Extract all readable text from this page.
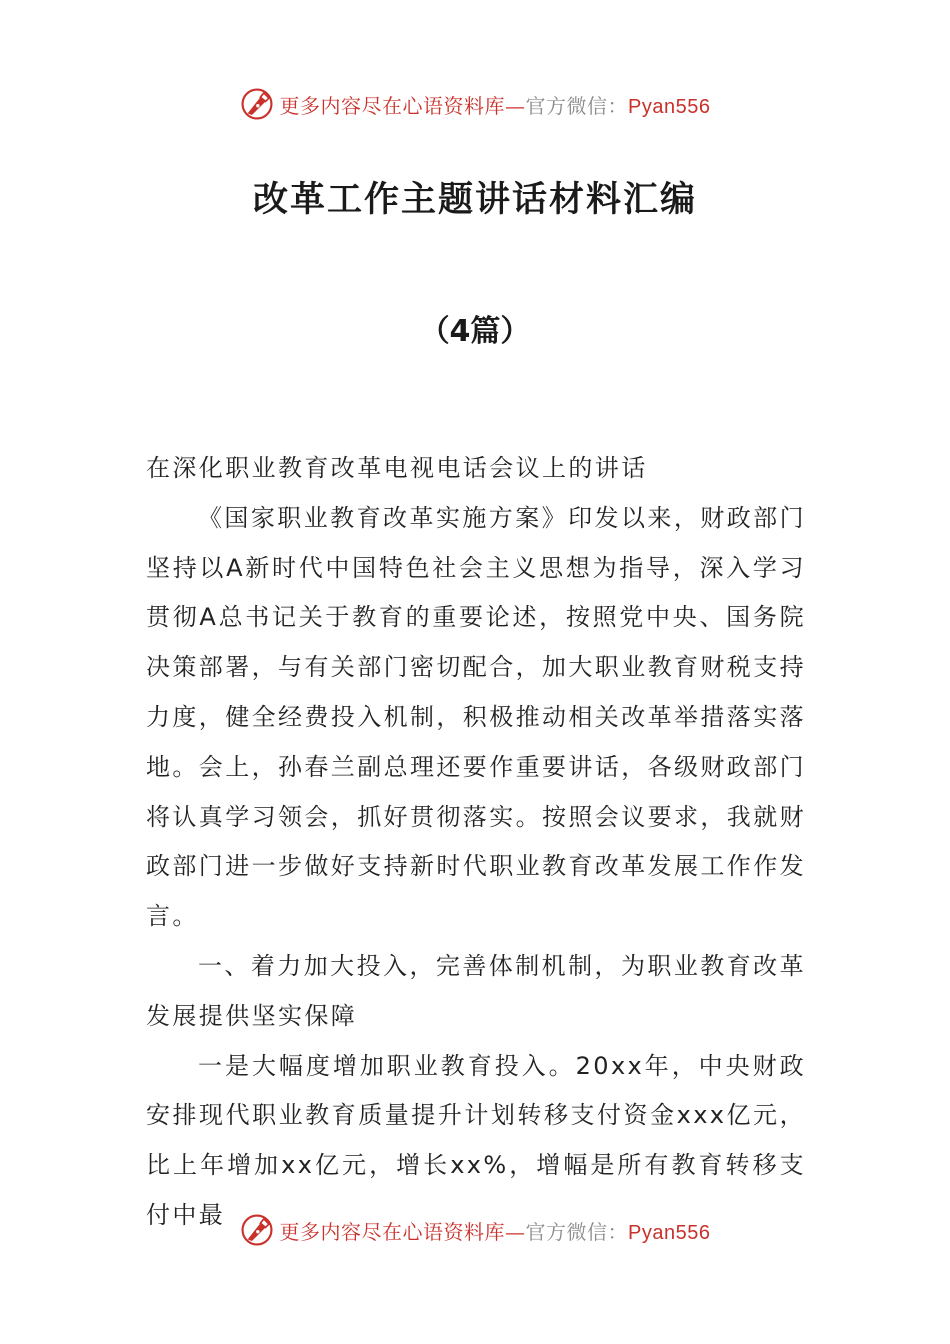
更多内容尽在心语资料库—官方微信：Pyan556
改革工作主题讲话材料汇编
（4篇）

在深化职业教育改革电视电话会议上的讲话

《国家职业教育改革实施方案》印发以来，财政部门坚持以A新时代中国特色社会主义思想为指导，深入学习贯彻A总书记关于教育的重要论述，按照党中央、国务院决策部署，与有关部门密切配合，加大职业教育财税支持力度，健全经费投入机制，积极推动相关改革举措落实落地。会上，孙春兰副总理还要作重要讲话，各级财政部门将认真学习领会，抓好贯彻落实。按照会议要求，我就财政部门进一步做好支持新时代职业教育改革发展工作作发言。

一、着力加大投入，完善体制机制，为职业教育改革发展提供坚实保障

一是大幅度增加职业教育投入。20xx年，中央财政安排现代职业教育质量提升计划转移支付资金xxx亿元，比上年增加xx亿元，增长xx%，增幅是所有教育转移支付中最

更多内容尽在心语资料库—官方微信：Pyan556
